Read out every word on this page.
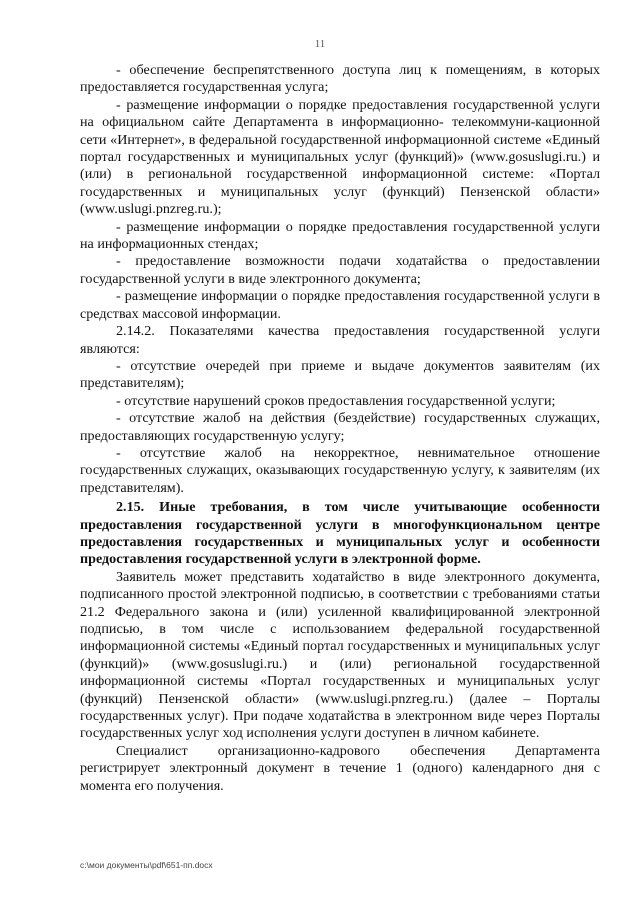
11

- обеспечение беспрепятственного доступа лиц к помещениям, в которых предоставляется государственная услуга;

- размещение информации о порядке предоставления государственной услуги на официальном сайте Департамента в информационно- телекоммуни-кационной сети «Интернет», в федеральной государственной информационной системе «Единый портал государственных и муниципальных услуг (функций)» (www.gosuslugi.ru.) и (или) в региональной государственной информационной системе: «Портал государственных и муниципальных услуг (функций) Пензенской области» (www.uslugi.pnzreg.ru.);

- размещение информации о порядке предоставления государственной услуги на информационных стендах;

- предоставление возможности подачи ходатайства о предоставлении государственной услуги в виде электронного документа;

- размещение информации о порядке предоставления государственной услуги в средствах массовой информации.

2.14.2. Показателями качества предоставления государственной услуги являются:

- отсутствие очередей при приеме и выдаче документов заявителям (их представителям);

- отсутствие нарушений сроков предоставления государственной услуги;

- отсутствие жалоб на действия (бездействие) государственных служащих, предоставляющих государственную услугу;

- отсутствие жалоб на некорректное, невнимательное отношение государственных служащих, оказывающих государственную услугу, к заявителям (их представителям).

2.15. Иные требования, в том числе учитывающие особенности предоставления государственной услуги в многофункциональном центре предоставления государственных и муниципальных услуг и особенности предоставления государственной услуги в электронной форме.

Заявитель может представить ходатайство в виде электронного документа, подписанного простой электронной подписью, в соответствии с требованиями статьи 21.2 Федерального закона и (или) усиленной квалифицированной электронной подписью, в том числе с использованием федеральной государственной информационной системы «Единый портал государственных и муниципальных услуг (функций)» (www.gosuslugi.ru.) и (или) региональной государственной информационной системы «Портал государственных и муниципальных услуг (функций) Пензенской области» (www.uslugi.pnzreg.ru.) (далее – Порталы государственных услуг). При подаче ходатайства в электронном виде через Порталы государственных услуг ход исполнения услуги доступен в личном кабинете.

Специалист организационно-кадрового обеспечения Департамента регистрирует электронный документ в течение 1 (одного) календарного дня с момента его получения.

c:\мои документы\pdf\651-пп.docx
